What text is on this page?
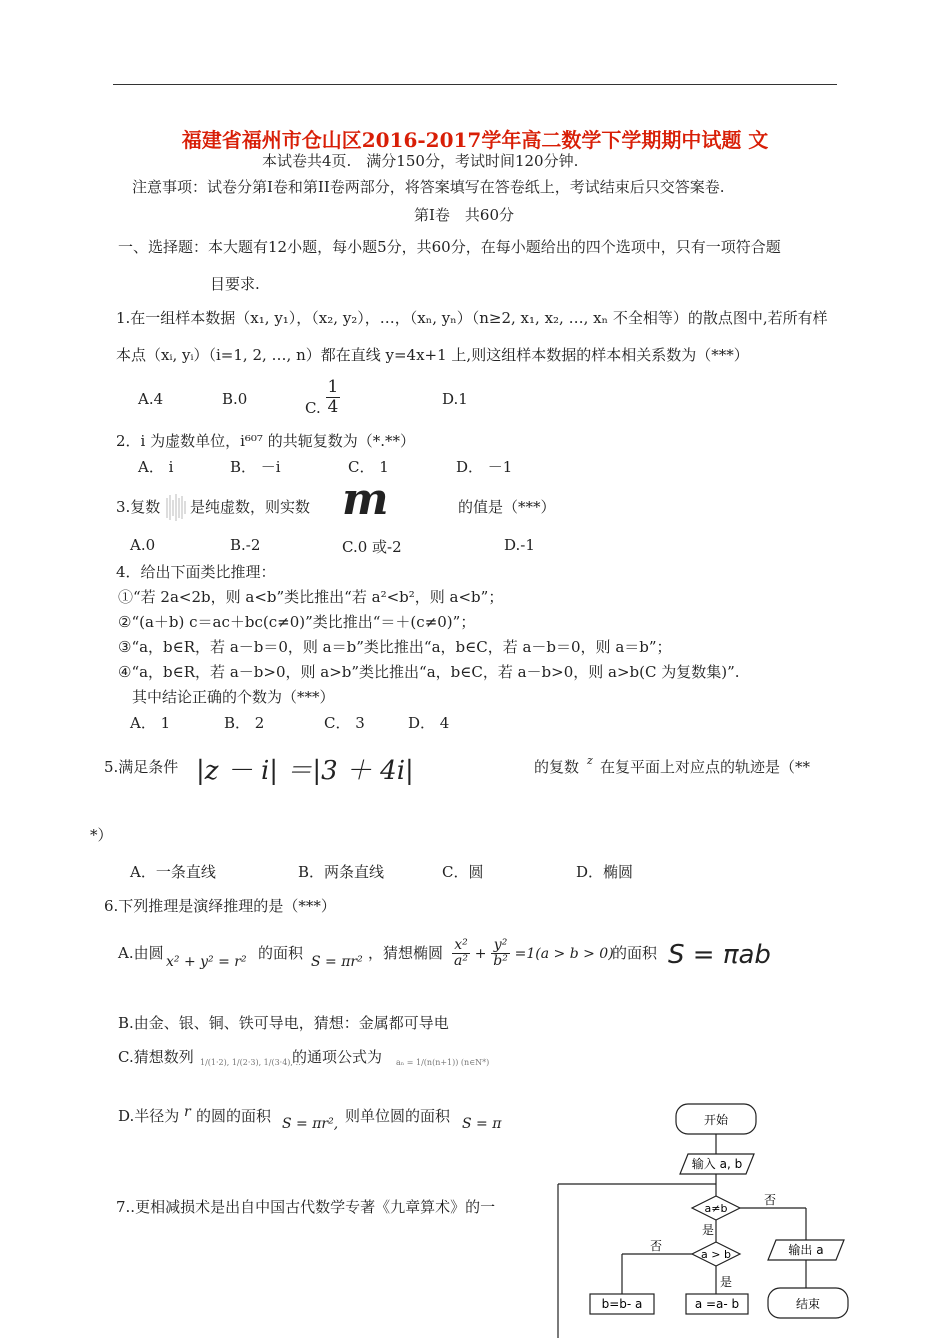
福建省福州市仓山区2016-2017学年高二数学下学期期中试题 文
本试卷共4页.　满分150分，考试时间120分钟.
注意事项：试卷分第Ⅰ卷和第II卷两部分，将答案填写在答卷纸上，考试结束后只交答案卷.
第Ⅰ卷　共60分
一、选择题：本大题有12小题，每小题5分，共60分，在每小题给出的四个选项中，只有一项符合题
目要求.
1.在一组样本数据（x₁, y₁），（x₂, y₂），…，（xₙ, yₙ）（n≥2, x₁, x₂, …, xₙ 不全相等）的散点图中,若所有样
本点（xᵢ, yᵢ）（i=1, 2, …, n）都在直线 y=4x+1 上,则这组样本数据的样本相关系数为（***）
A.4	B.0
C. $\frac{1}{4}$	D.1
2．i 为虚数单位，i⁶⁰⁷ 的共轭复数为（*.**）
A． i	B． －i	C． 1	D． －1
3.复数 是纯虚数，则实数 m	的值是（***）
A.0	B.-2	C.0 或-2	D.-1
4．给出下面类比推理：
①“若 2a<2b，则 a<b”类比推出“若 a²<b²，则 a<b”；
②“(a＋b) c＝ac＋bc(c≠0)”类比推出“＝＋(c≠0)”；
③“a，b∈R，若 a－b＝0，则 a＝b”类比推出“a，b∈C，若 a－b＝0，则 a＝b”；
④“a，b∈R，若 a－b>0，则 a>b”类比推出“a，b∈C，若 a－b>0，则 a>b(C 为复数集)”.
其中结论正确的个数为（***）
A． 1	B． 2	C． 3	D． 4
5.满足条件 |z － i| ＝|3 ＋ 4i|	的复数 z 在复平面上对应点的轨迹是（**
*）
A．一条直线	B．两条直线	C．圆	D．椭圆
6.下列推理是演绎推理的是（***）
A.由圆 x² + y² = r² 的面积 S = πr² ，猜想椭圆 $\frac{\text{x²}}{\text{a²}} + \frac{\text{y²}}{\text{b²}} =1(a > b > 0)$
的面积 S = πab
B.由金、银、铜、铁可导电，猜想：金属都可导电
C.猜想数列 1/(1·2), 1/(2·3), 1/(3·4), …
的通项公式为 aₙ = 1/(n(n+1)) (n∈N*)
D.半径为 r 的圆的面积 S = πr², 则单位圆的面积 S = π
7..更相减损术是出自中国古代数学专著《九章算术》的一
开始
输入 a, b
a≠b
否
是
a > b
否
是
输出 a
b=b- a	a =a- b	结束
